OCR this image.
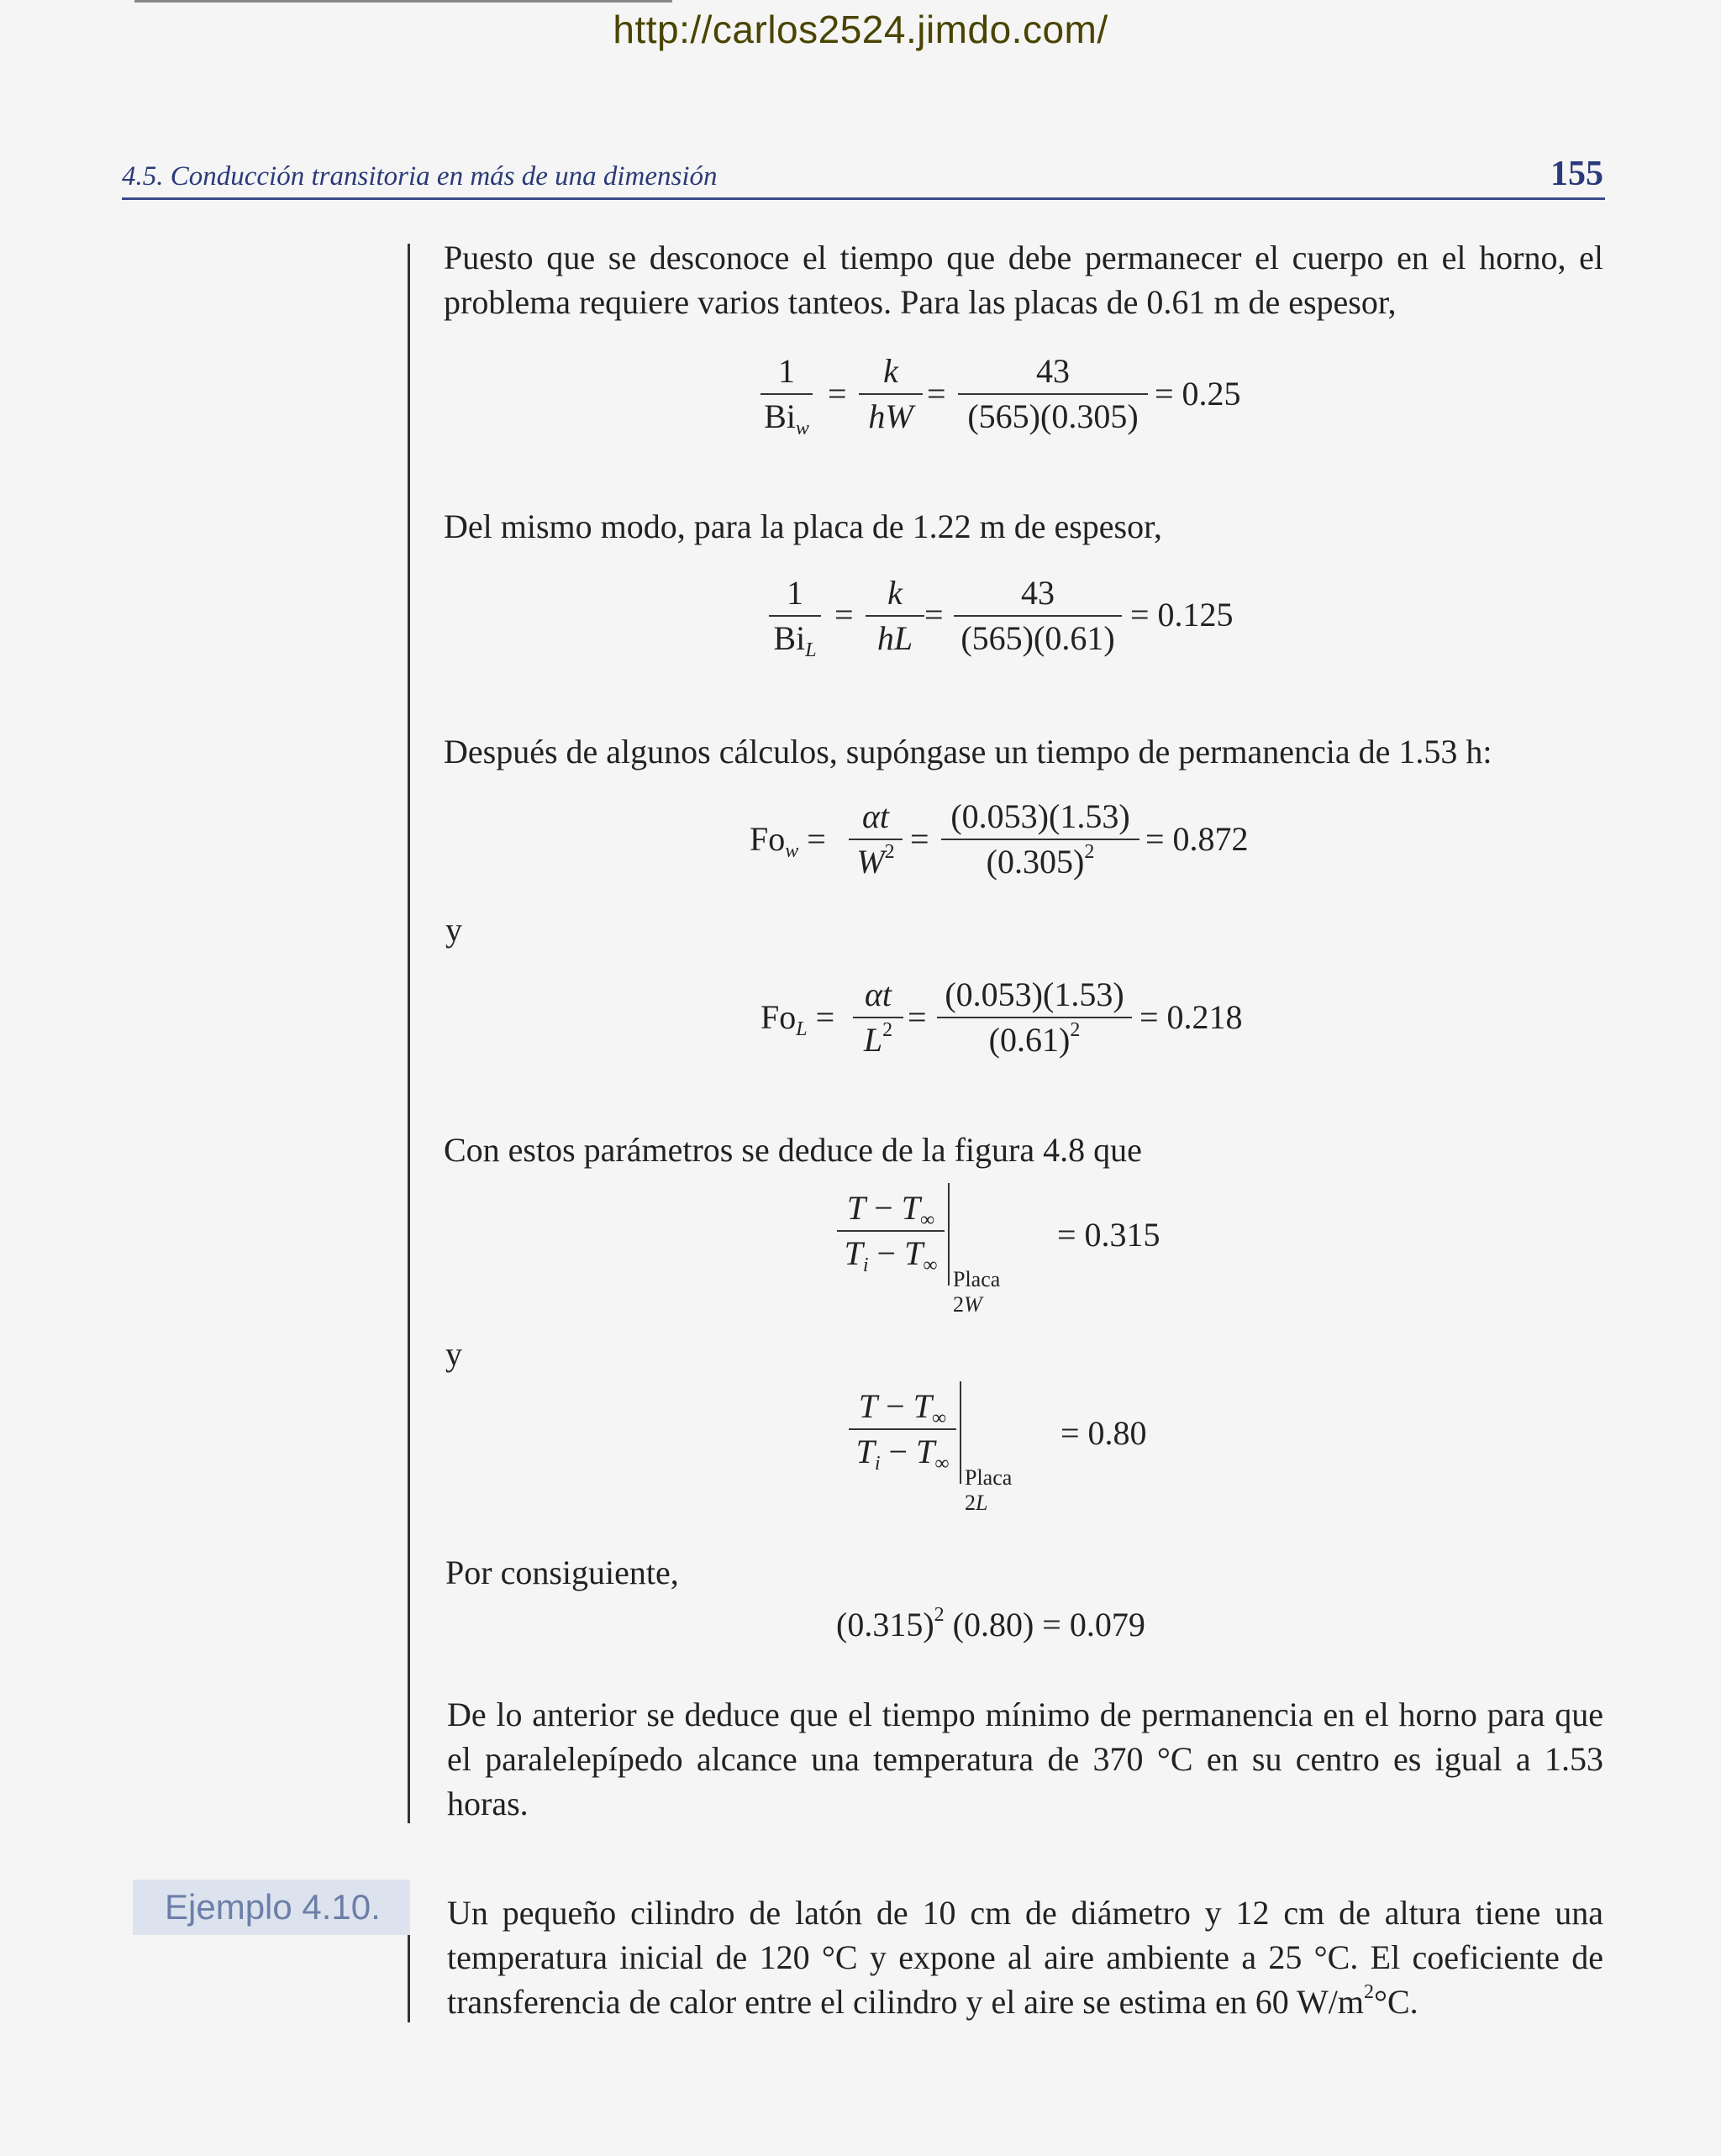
http://carlos2524.jimdo.com/
4.5. Conducción transitoria en más de una dimensión	155
Puesto que se desconoce el tiempo que debe permanecer el cuerpo en el horno, el problema requiere varios tanteos. Para las placas de 0.61 m de espesor,
1
$Bi_w$
=
k
hW
=
43
(565)(0.305)
= 0.25
Del mismo modo, para la placa de 1.22 m de espesor,
1
$Bi_L$
=
k
hL
=
43
(565)(0.61)
= 0.125
Después de algunos cálculos, supóngase un tiempo de permanencia de 1.53 h:
$Fo_w$ =
αt
$W^2$ =
(0.053)(1.53)
$(0.305)^2$	= 0.872
y
$Fo_L$ =
αt
$L^2$ =
(0.053)(1.53)
$(0.61)^2$	= 0.218
Con estos parámetros se deduce de la figura 4.8 que
$T - T_\infty$
$T_i - T_\infty$
Placa 2W
= 0.315
y
$T - T_\infty$
$T_i - T_\infty$
Placa 2L
= 0.80
Por consiguiente,
$(0.315)^2$ (0.80) = 0.079
De lo anterior se deduce que el tiempo mínimo de permanencia en el horno para que el paralelepípedo alcance una temperatura de 370 °C en su centro es igual a 1.53 horas.
Ejemplo 4.10. Un pequeño cilindro de latón de 10 cm de diámetro y 12 cm de altura tiene una temperatura inicial de 120 °C y expone al aire ambiente a 25 °C. El coeficiente de transferencia de calor entre el cilindro y el aire se estima en 60 $W/m^2^\circ C$.
